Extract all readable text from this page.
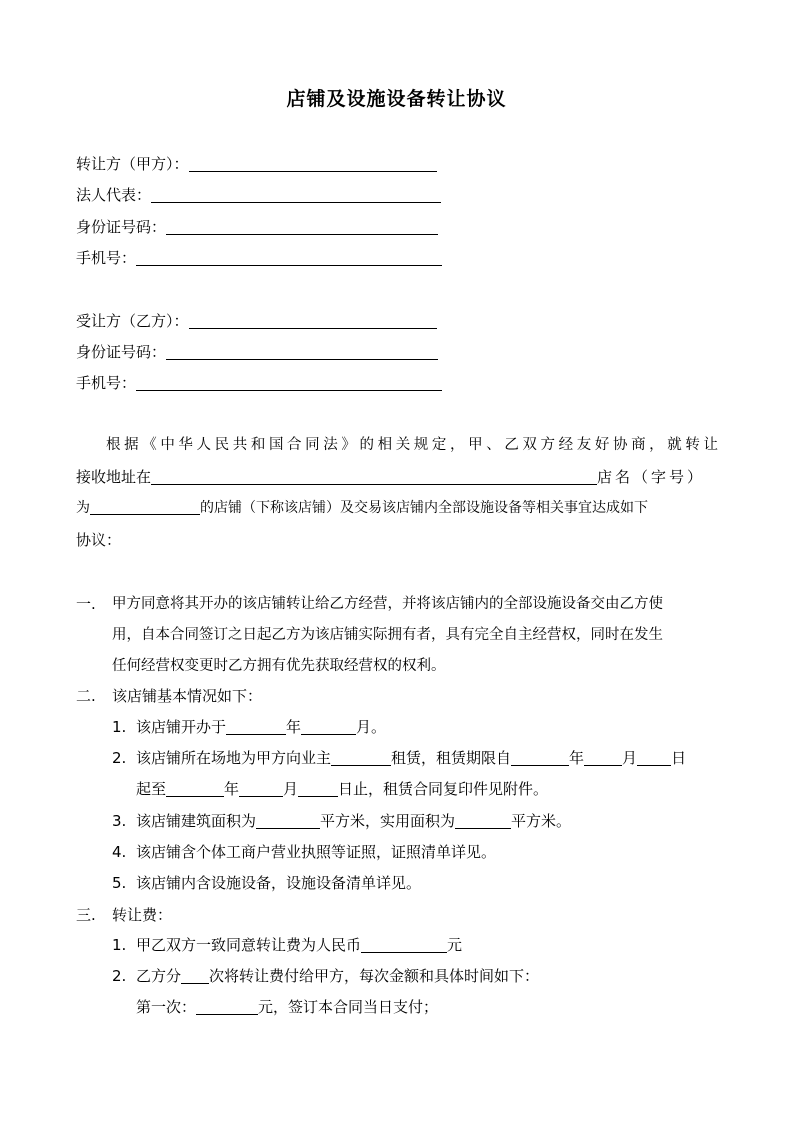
店铺及设施设备转让协议
转让方（甲方）：
法人代表：
身份证号码：
手机号：
受让方（乙方）：
身份证号码：
手机号：
根据《中华人民共和国合同法》的相关规定，甲、乙双方经友好协商，就转让
接收地址在	店名（字号）
为	的店铺（下称该店铺）及交易该店铺内全部设施设备等相关事宜达成如下
协议：
一. 甲方同意将其开办的该店铺转让给乙方经营，并将该店铺内的全部设施设备交由乙方使
用，自本合同签订之日起乙方为该店铺实际拥有者，具有完全自主经营权，同时在发生
任何经营权变更时乙方拥有优先获取经营权的权利。
二. 该店铺基本情况如下：
1. 该店铺开办于	年	月。
2. 该店铺所在场地为甲方向业主	租赁，租赁期限自	年	月 日
起至	年	月	日止，租赁合同复印件见附件。
3. 该店铺建筑面积为	平方米，实用面积为	平方米。
4. 该店铺含个体工商户营业执照等证照，证照清单详见。
5. 该店铺内含设施设备，设施设备清单详见。
三. 转让费：
1. 甲乙双方一致同意转让费为人民币	元
2. 乙方分 次将转让费付给甲方，每次金额和具体时间如下：
第一次：	元，签订本合同当日支付；
